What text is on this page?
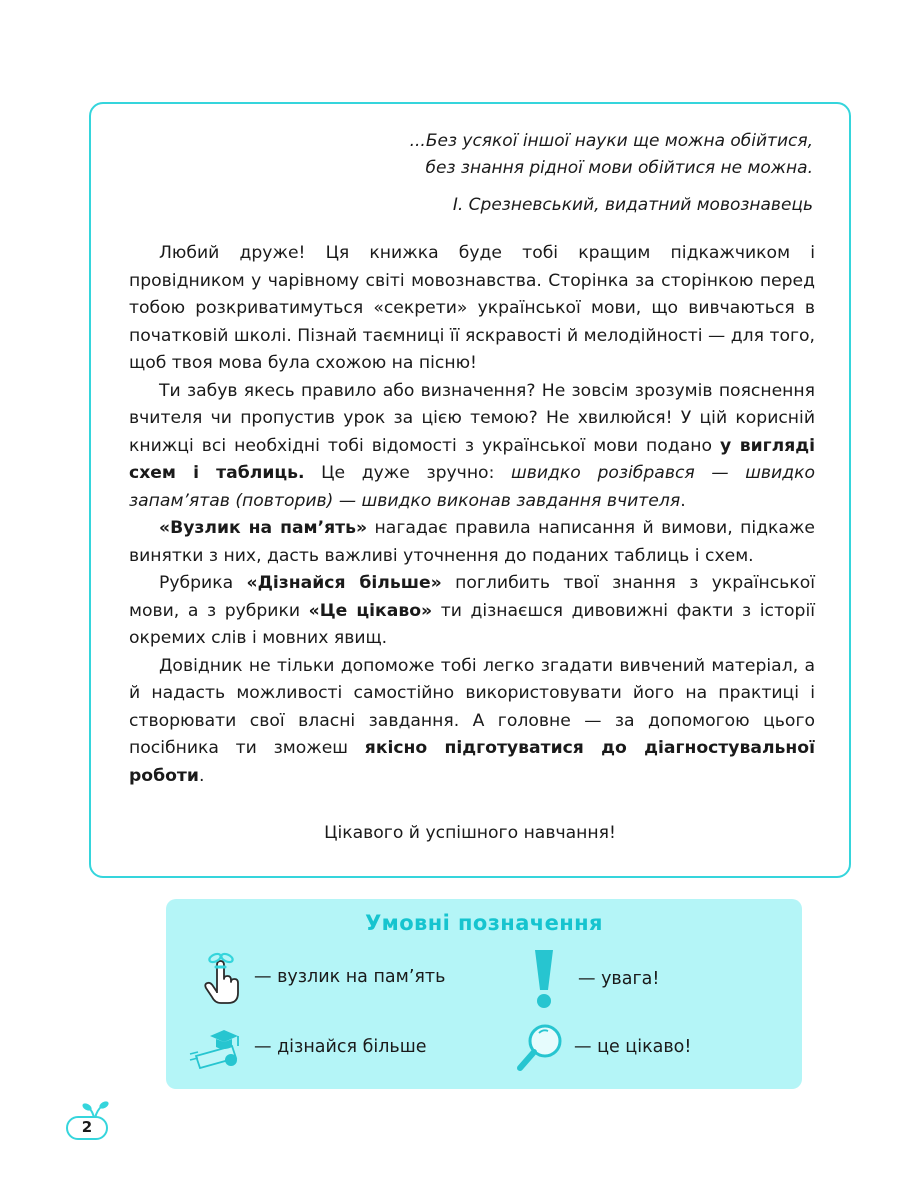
...Без усякої іншої науки ще можна обійтися,
без знання рідної мови обійтися не можна.
І. Срезневський, видатний мовознавець

Любий друже! Ця книжка буде тобі кращим підкажчиком і провідником у чарівному світі мовознавства. Сторінка за сторінкою перед тобою розкриватимуться «секрети» української мови, що вивчаються в початковій школі. Пізнай таємниці її яскравості й мелодійності — для того, щоб твоя мова була схожою на пісню!

Ти забув якесь правило або визначення? Не зовсім зрозумів пояснення вчителя чи пропустив урок за цією темою? Не хвилюйся! У цій корисній книжці всі необхідні тобі відомості з української мови подано у вигляді схем і таблиць. Це дуже зручно: швидко розібрався — швидко запам’ятав (повторив) — швидко виконав завдання вчителя.

«Вузлик на пам’ять» нагадає правила написання й вимови, підкаже винятки з них, дасть важливі уточнення до поданих таблиць і схем.

Рубрика «Дізнайся більше» поглибить твої знання з української мови, а з рубрики «Це цікаво» ти дізнаєшся дивовижні факти з історії окремих слів і мовних явищ.

Довідник не тільки допоможе тобі легко згадати вивчений матеріал, а й надасть можливості самостійно використовувати його на практиці і створювати свої власні завдання. А головне — за допомогою цього посібника ти зможеш якісно підготуватися до діагностувальної роботи.

Цікавого й успішного навчання!
Умовні позначення
— вузлик на пам’ять	— увага!
— дізнайся більше	— це цікаво!
2
